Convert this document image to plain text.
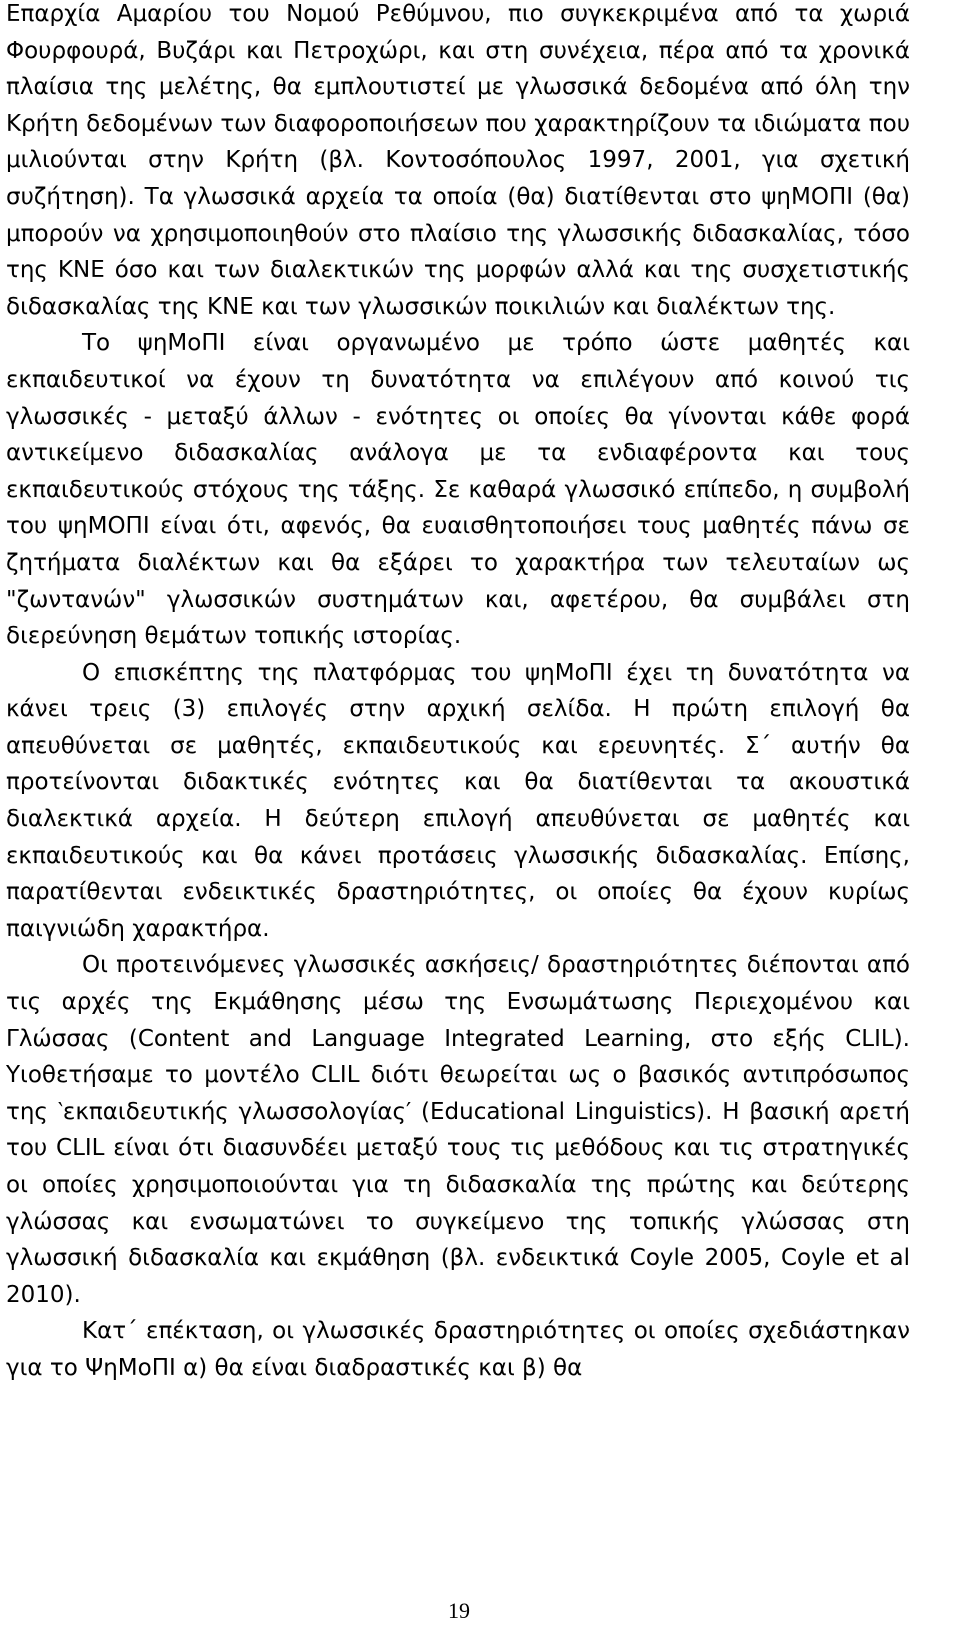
Επαρχία Αμαρίου του Νομού Ρεθύμνου, πιο συγκεκριμένα από τα χωριά Φουρφουρά, Βυζάρι και Πετροχώρι, και στη συνέχεια, πέρα από τα χρονικά πλαίσια της μελέτης, θα εμπλουτιστεί με γλωσσικά δεδομένα από όλη την Κρήτη δεδομένων των διαφοροποιήσεων που χαρακτηρίζουν τα ιδιώματα που μιλιούνται στην Κρήτη (βλ. Κοντοσόπουλος 1997, 2001, για σχετική συζήτηση). Τα γλωσσικά αρχεία τα οποία (θα) διατίθενται στο ψηΜΟΠΙ (θα) μπορούν να χρησιμοποιηθούν στο πλαίσιο της γλωσσικής διδασκαλίας, τόσο της ΚΝΕ όσο και των διαλεκτικών της μορφών αλλά και της συσχετιστικής διδασκαλίας της ΚΝΕ και των γλωσσικών ποικιλιών και διαλέκτων της.

Το ψηΜοΠΙ είναι οργανωμένο με τρόπο ώστε μαθητές και εκπαιδευτικοί να έχουν τη δυνατότητα να επιλέγουν από κοινού τις γλωσσικές - μεταξύ άλλων - ενότητες οι οποίες θα γίνονται κάθε φορά αντικείμενο διδασκαλίας ανάλογα με τα ενδιαφέροντα και τους εκπαιδευτικούς στόχους της τάξης. Σε καθαρά γλωσσικό επίπεδο, η συμβολή του ψηΜΟΠΙ είναι ότι, αφενός, θα ευαισθητοποιήσει τους μαθητές πάνω σε ζητήματα διαλέκτων και θα εξάρει το χαρακτήρα των τελευταίων ως "ζωντανών" γλωσσικών συστημάτων και, αφετέρου, θα συμβάλει στη διερεύνηση θεμάτων τοπικής ιστορίας.

Ο επισκέπτης της πλατφόρμας του ψηΜοΠΙ έχει τη δυνατότητα να κάνει τρεις (3) επιλογές στην αρχική σελίδα. Η πρώτη επιλογή θα απευθύνεται σε μαθητές, εκπαιδευτικούς και ερευνητές. Σ΄ αυτήν θα προτείνονται διδακτικές ενότητες και θα διατίθενται τα ακουστικά διαλεκτικά αρχεία. Η δεύτερη επιλογή απευθύνεται σε μαθητές και εκπαιδευτικούς και θα κάνει προτάσεις γλωσσικής διδασκαλίας. Επίσης, παρατίθενται ενδεικτικές δραστηριότητες, οι οποίες θα έχουν κυρίως παιγνιώδη χαρακτήρα.

Οι προτεινόμενες γλωσσικές ασκήσεις/ δραστηριότητες διέπονται από τις αρχές της Εκμάθησης μέσω της Ενσωμάτωσης Περιεχομένου και Γλώσσας (Content and Language Integrated Learning, στο εξής CLIL). Υιοθετήσαμε το μοντέλο CLIL διότι θεωρείται ως ο βασικός αντιπρόσωπος της ‵εκπαιδευτικής γλωσσολογίας′ (Educational Linguistics). Η βασική αρετή του CLIL είναι ότι διασυνδέει μεταξύ τους τις μεθόδους και τις στρατηγικές οι οποίες χρησιμοποιούνται για τη διδασκαλία της πρώτης και δεύτερης γλώσσας και ενσωματώνει το συγκείμενο της τοπικής γλώσσας στη γλωσσική διδασκαλία και εκμάθηση (βλ. ενδεικτικά Coyle 2005, Coyle et al 2010).

Κατ΄ επέκταση, οι γλωσσικές δραστηριότητες οι οποίες σχεδιάστηκαν για το ΨηΜοΠΙ α) θα είναι διαδραστικές και β) θα

19
